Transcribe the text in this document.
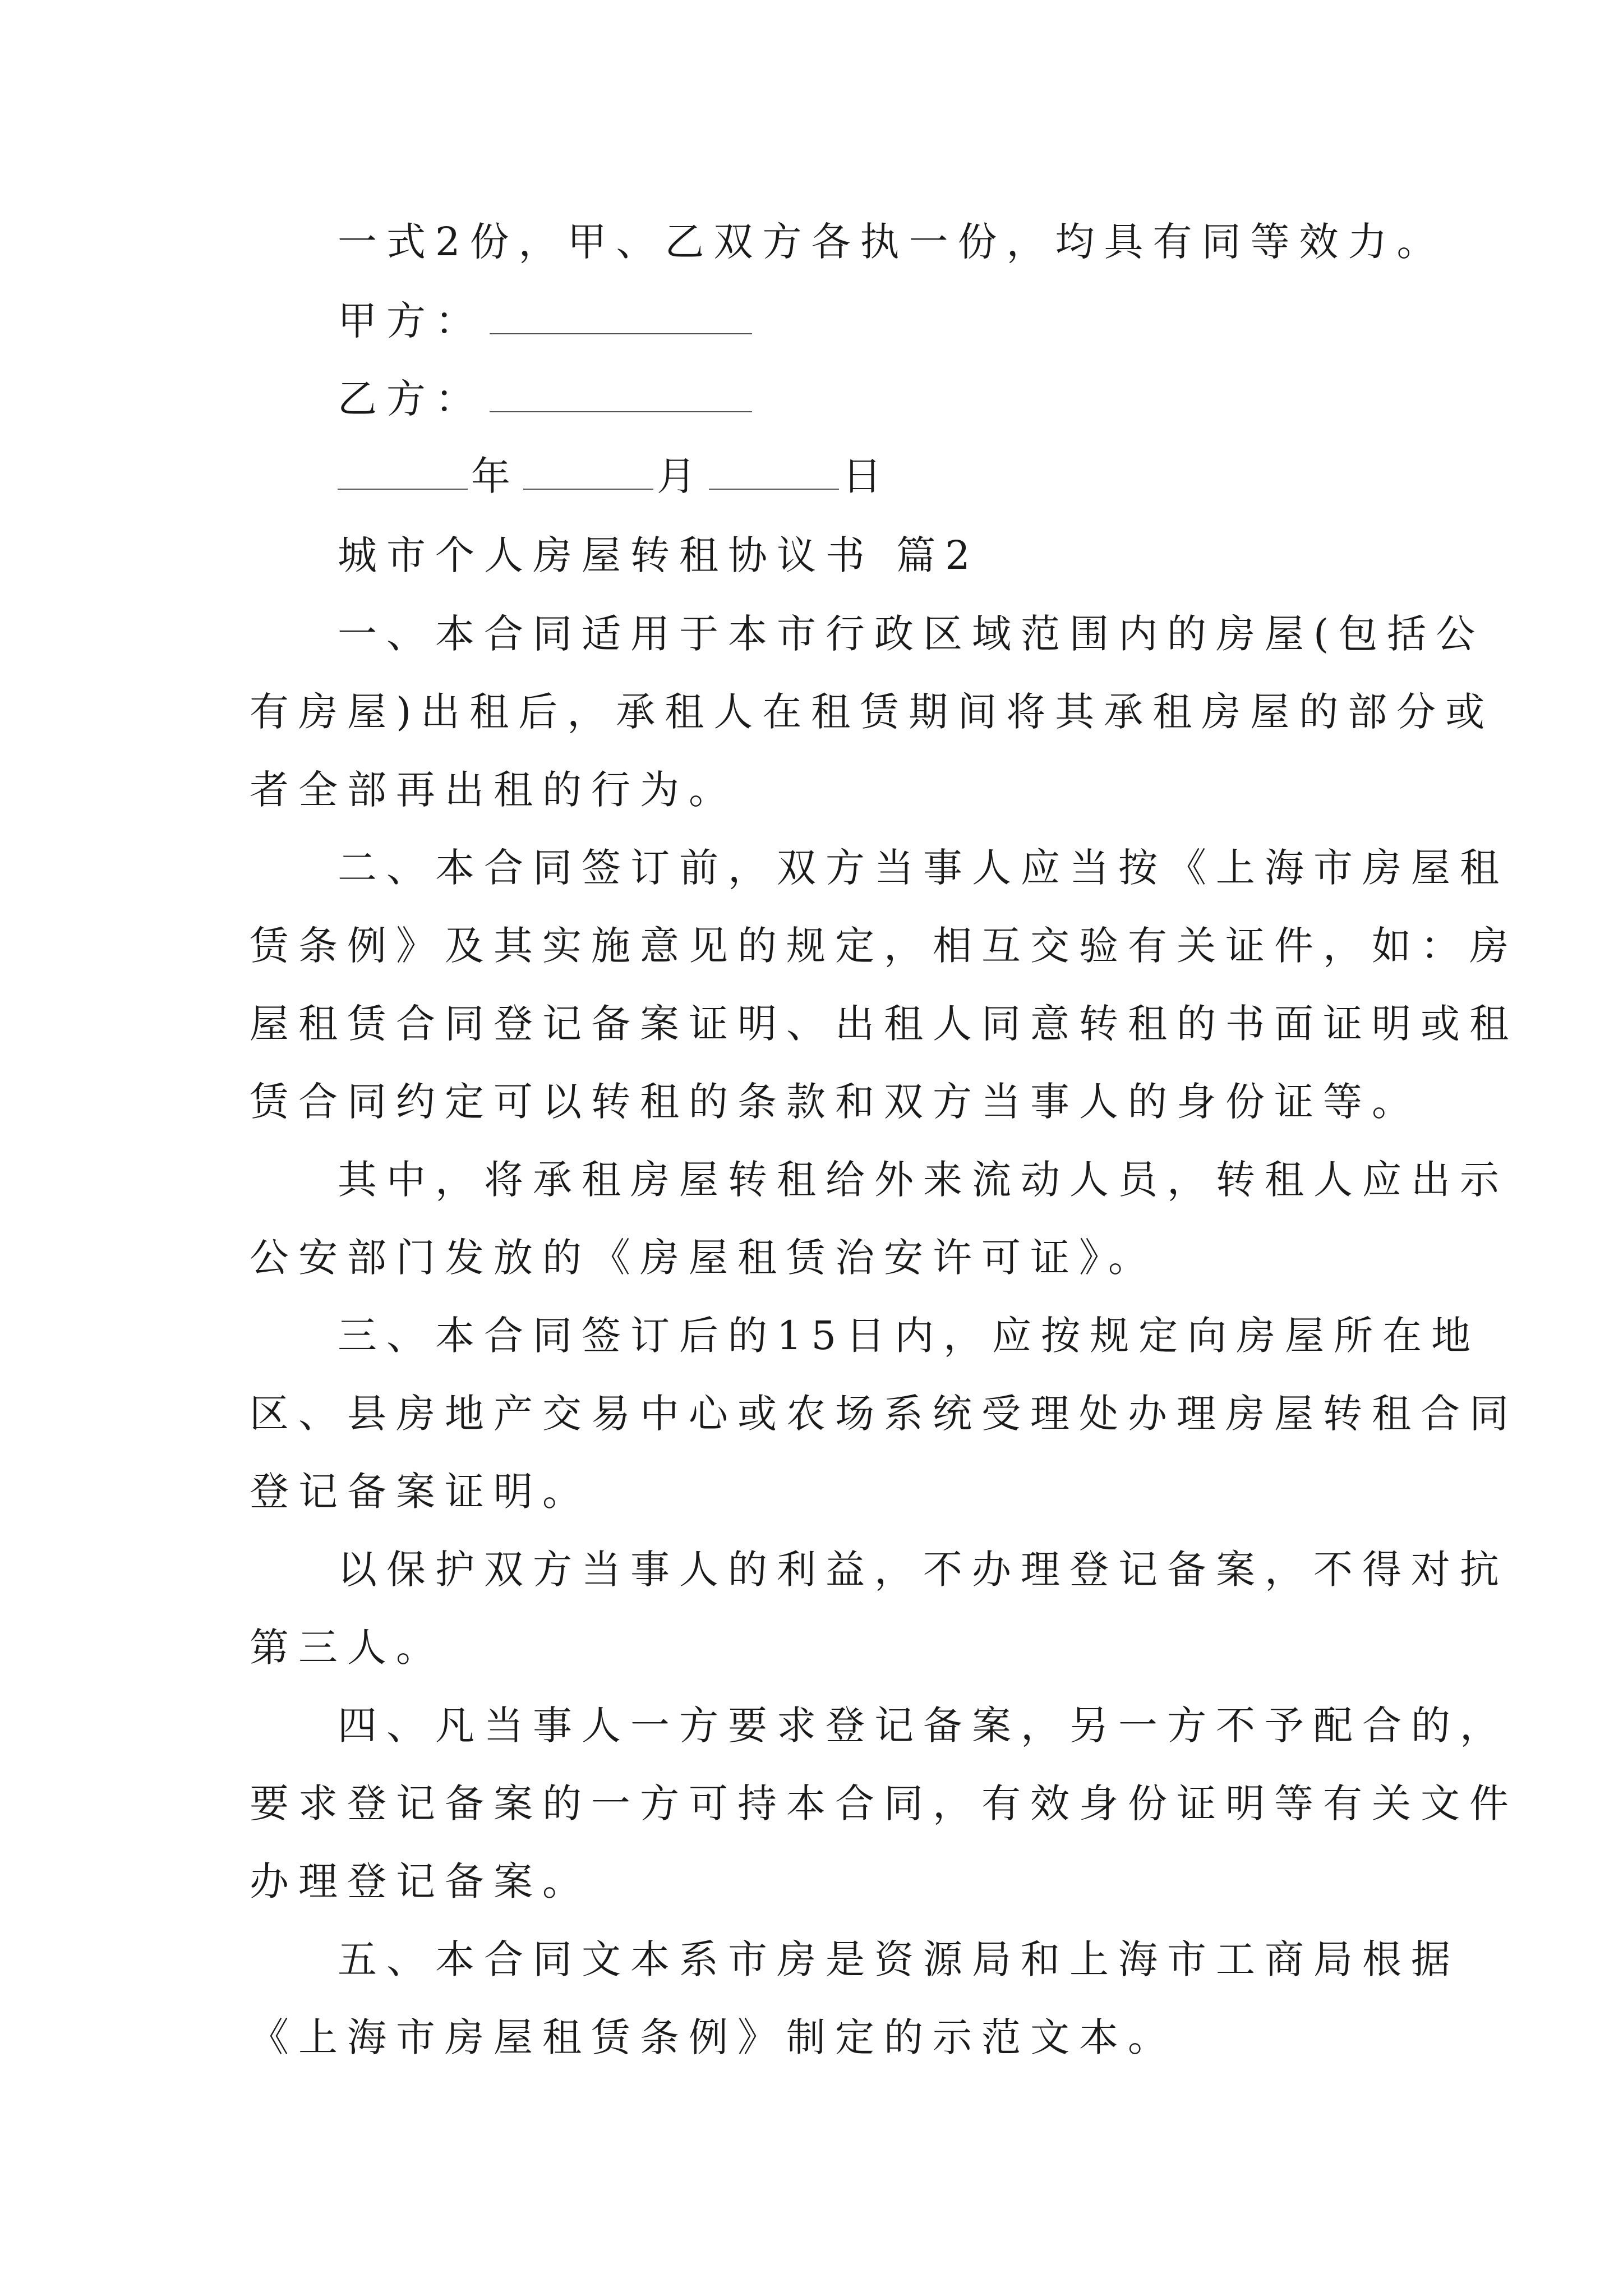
一式2份，甲、乙双方各执一份，均具有同等效力。
甲方：
乙方：
年	月	日
城市个人房屋转租协议书 篇2
一、本合同适用于本市行政区域范围内的房屋(包括公
有房屋)出租后，承租人在租赁期间将其承租房屋的部分或
者全部再出租的行为。
二、本合同签订前，双方当事人应当按《上海市房屋租
赁条例》及其实施意见的规定，相互交验有关证件，如：房
屋租赁合同登记备案证明、出租人同意转租的书面证明或租
赁合同约定可以转租的条款和双方当事人的身份证等。
其中，将承租房屋转租给外来流动人员，转租人应出示
公安部门发放的《房屋租赁治安许可证》。
三、本合同签订后的15日内，应按规定向房屋所在地
区、县房地产交易中心或农场系统受理处办理房屋转租合同
登记备案证明。
以保护双方当事人的利益，不办理登记备案，不得对抗
第三人。
四、凡当事人一方要求登记备案，另一方不予配合的，
要求登记备案的一方可持本合同，有效身份证明等有关文件
办理登记备案。
五、本合同文本系市房是资源局和上海市工商局根据
《上海市房屋租赁条例》制定的示范文本。
